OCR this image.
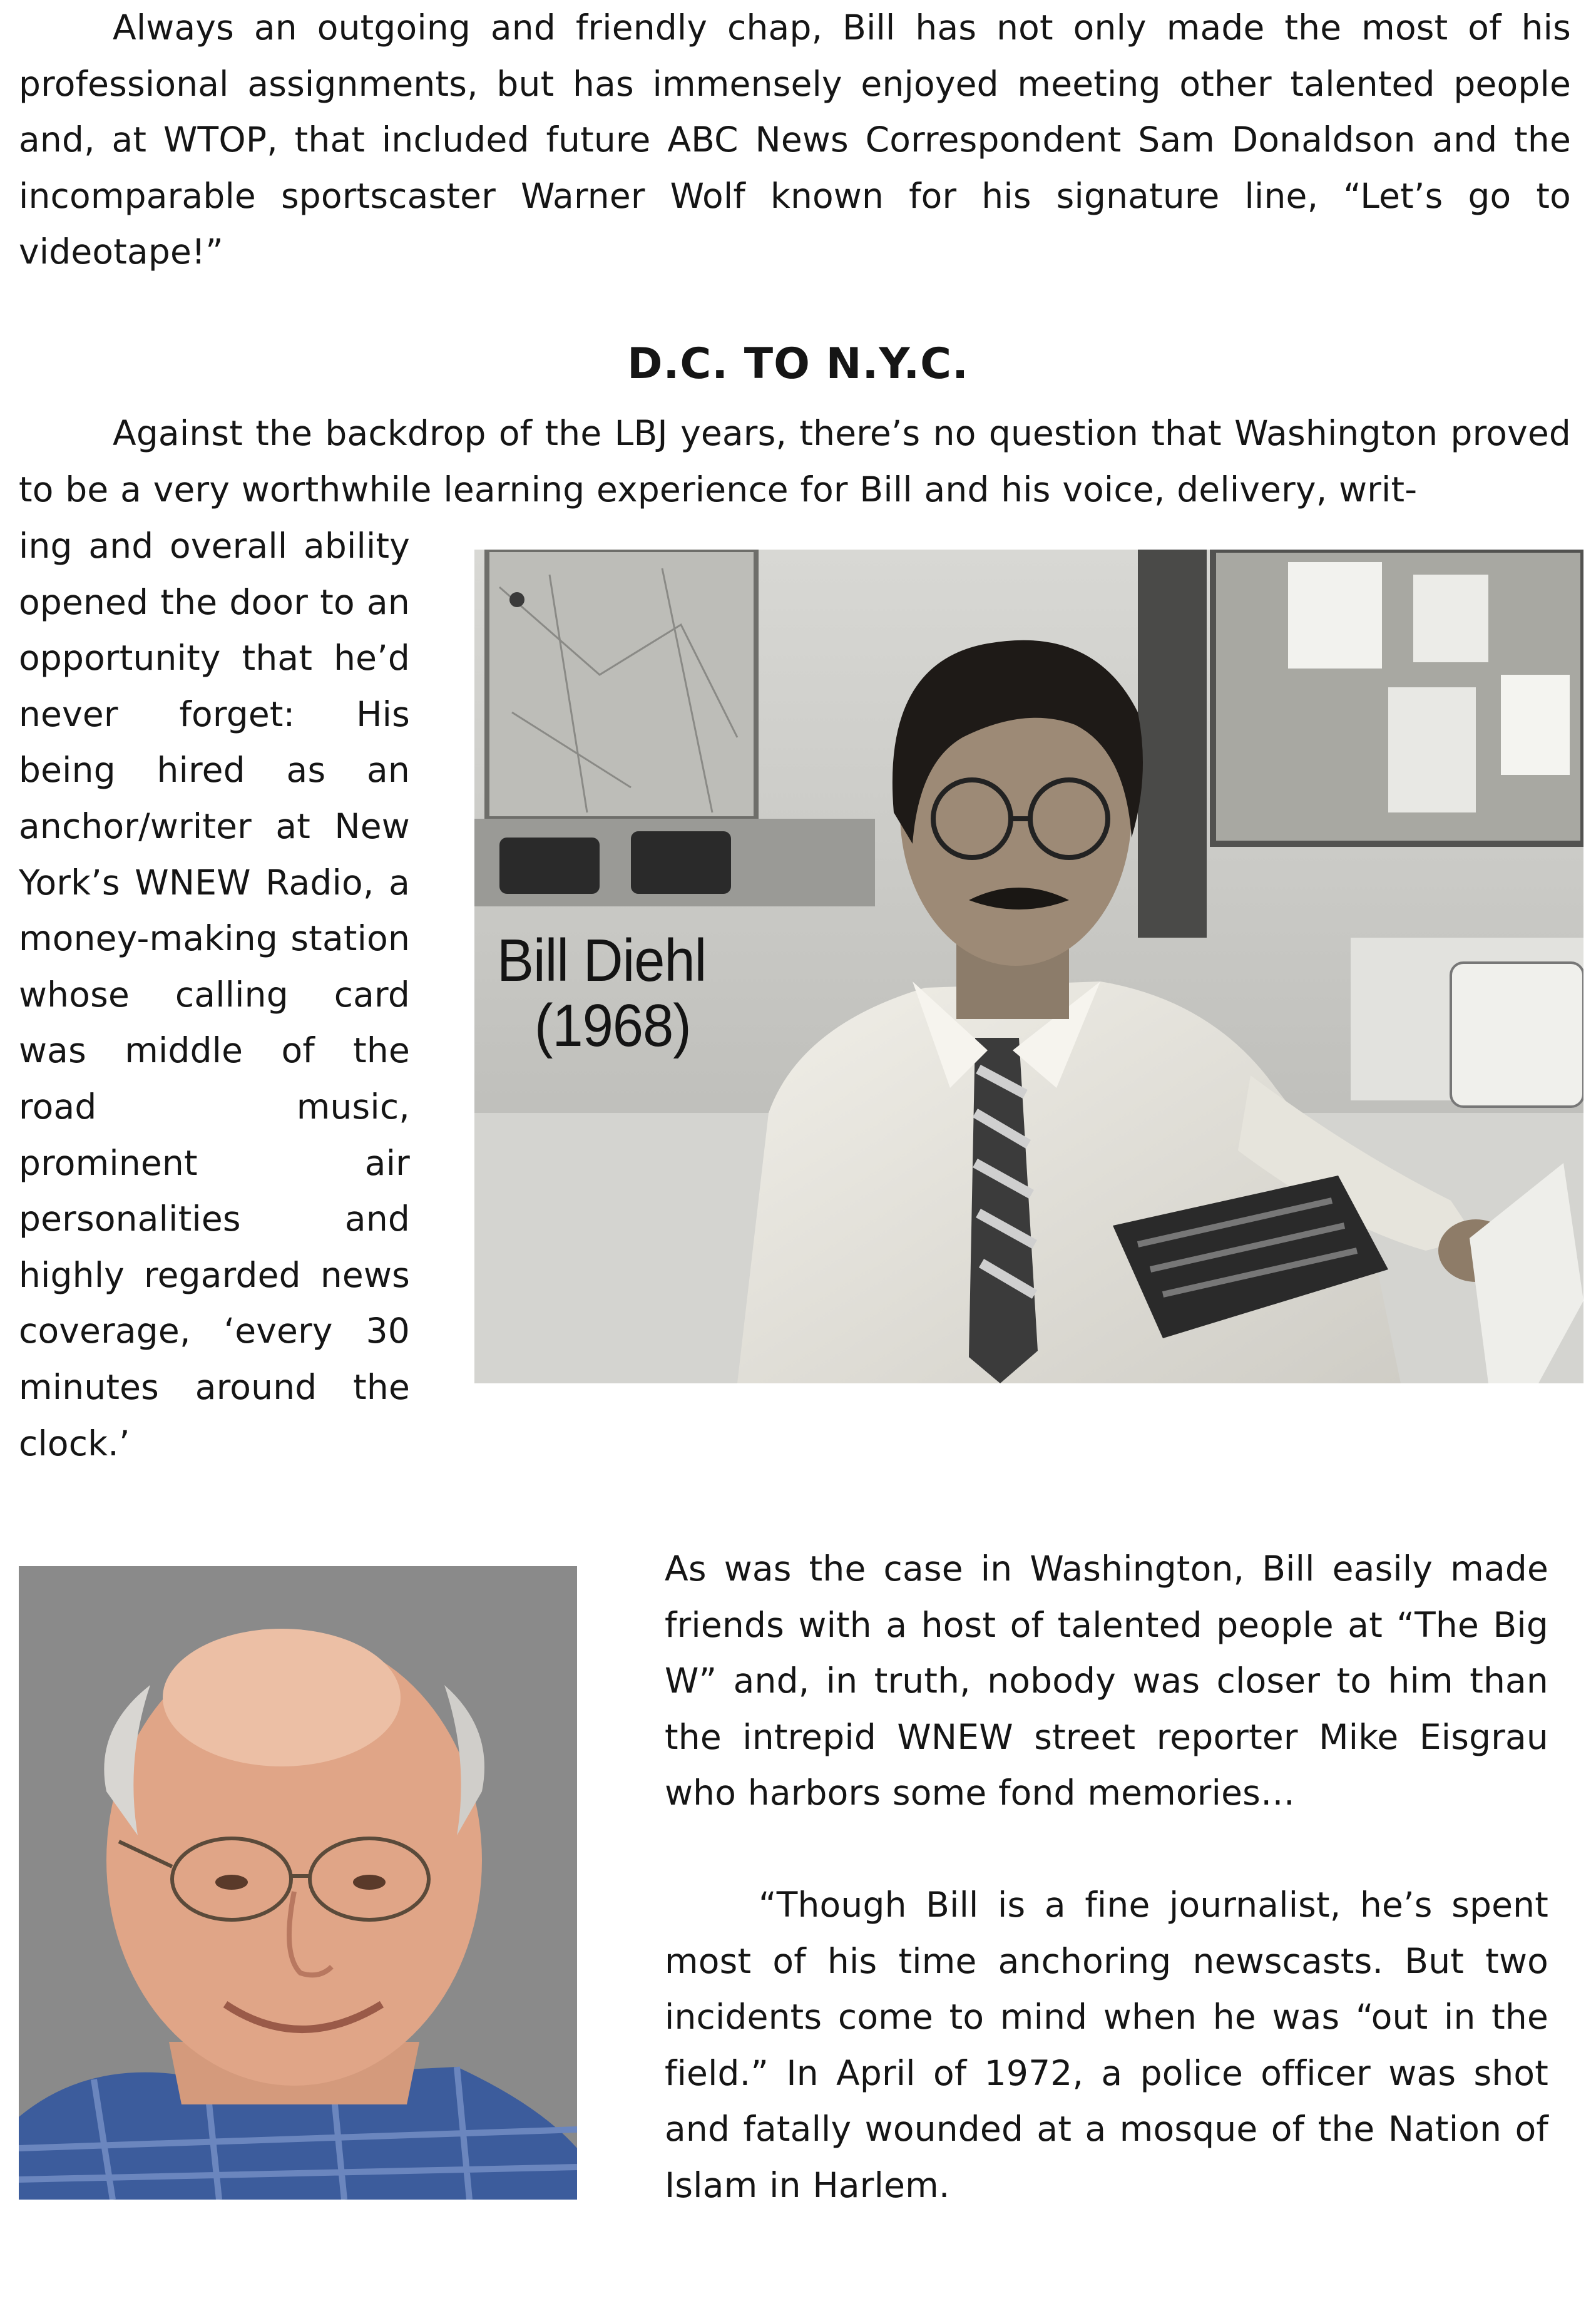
Always an outgoing and friendly chap, Bill has not only made the most of his professional assignments, but has immensely enjoyed meeting other talented people and, at WTOP, that included future ABC News Correspondent Sam Donaldson and the incomparable sportscaster Warner Wolf known for his signature line, “Let’s go to videotape!”
D.C. TO N.Y.C.
Against the backdrop of the LBJ years, there’s no question that Washington proved to be a very worthwhile learning experience for Bill and his voice, delivery, writ-
ing and overall ability opened the door to an opportunity that he’d never forget: His being hired as an anchor/writer at New York’s WNEW Radio, a money-making station whose calling card was middle of the road music, prominent air personalities and highly regarded news coverage, ‘every 30 minutes around the clock.’
Bill Diehl
(1968)
As was the case in Washington, Bill easily made friends with a host of talented people at “The Big W” and, in truth, nobody was closer to him than the intrepid WNEW street reporter Mike Eisgrau who harbors some fond memories…
“Though Bill is a fine journalist, he’s spent most of his time anchoring newscasts. But two incidents come to mind when he was “out in the field.” In April of 1972, a police officer was shot and fatally wounded at a mosque of the Nation of Islam in Harlem.
